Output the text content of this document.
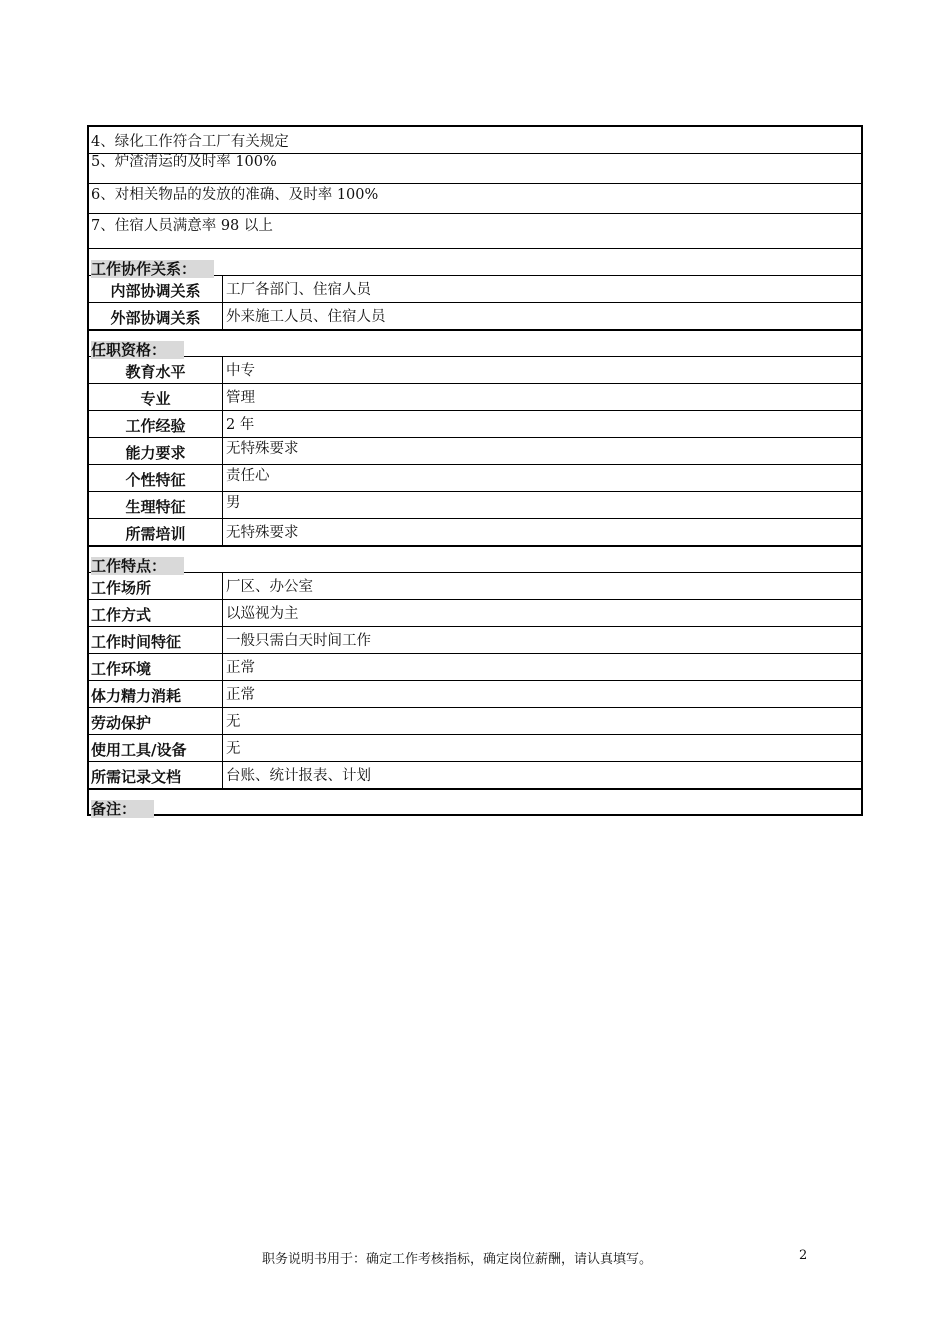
4、绿化工作符合工厂有关规定
5、炉渣清运的及时率 100%
6、对相关物品的发放的准确、及时率 100%
7、住宿人员满意率 98 以上
工作协作关系：
内部协调关系	工厂各部门、住宿人员
外部协调关系	外来施工人员、住宿人员
任职资格：
教育水平	中专
专业	管理
工作经验	2 年
能力要求	无特殊要求
个性特征	责任心
生理特征	男
所需培训	无特殊要求
工作特点：
工作场所	厂区、办公室
工作方式	以巡视为主
工作时间特征	一般只需白天时间工作
工作环境	正常
体力精力消耗	正常
劳动保护	无
使用工具/设备	无
所需记录文档	台账、统计报表、计划
备注：
职务说明书用于：确定工作考核指标，确定岗位薪酬，请认真填写。	2
